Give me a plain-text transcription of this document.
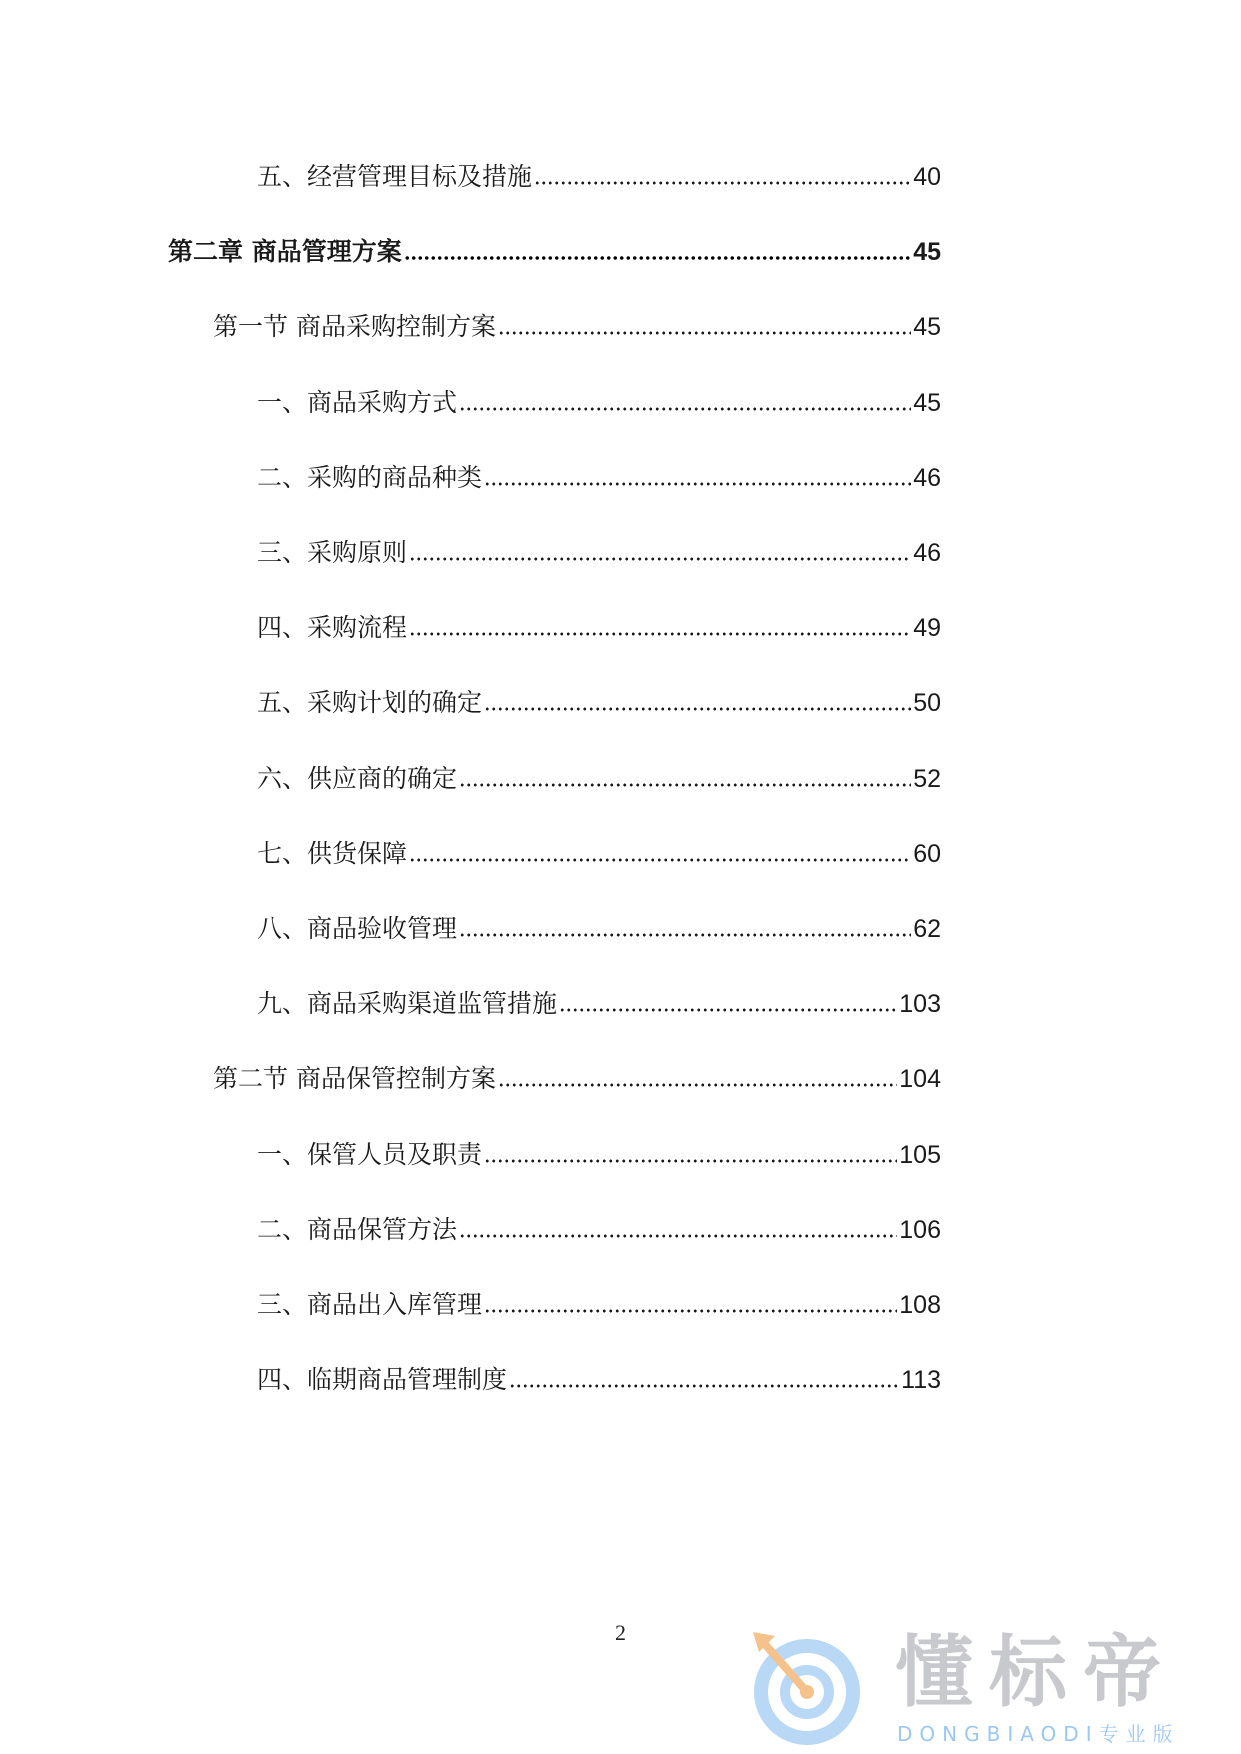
五、经营管理目标及措施	40
第二章 商品管理方案	45
第一节 商品采购控制方案	45
一、商品采购方式	45
二、采购的商品种类	46
三、采购原则	46
四、采购流程	49
五、采购计划的确定	50
六、供应商的确定	52
七、供货保障	60
八、商品验收管理	62
九、商品采购渠道监管措施	103
第二节 商品保管控制方案	104
一、保管人员及职责	105
二、商品保管方法	106
三、商品出入库管理	108
四、临期商品管理制度	113
2	懂标帝
DONGBIAODI专业版
